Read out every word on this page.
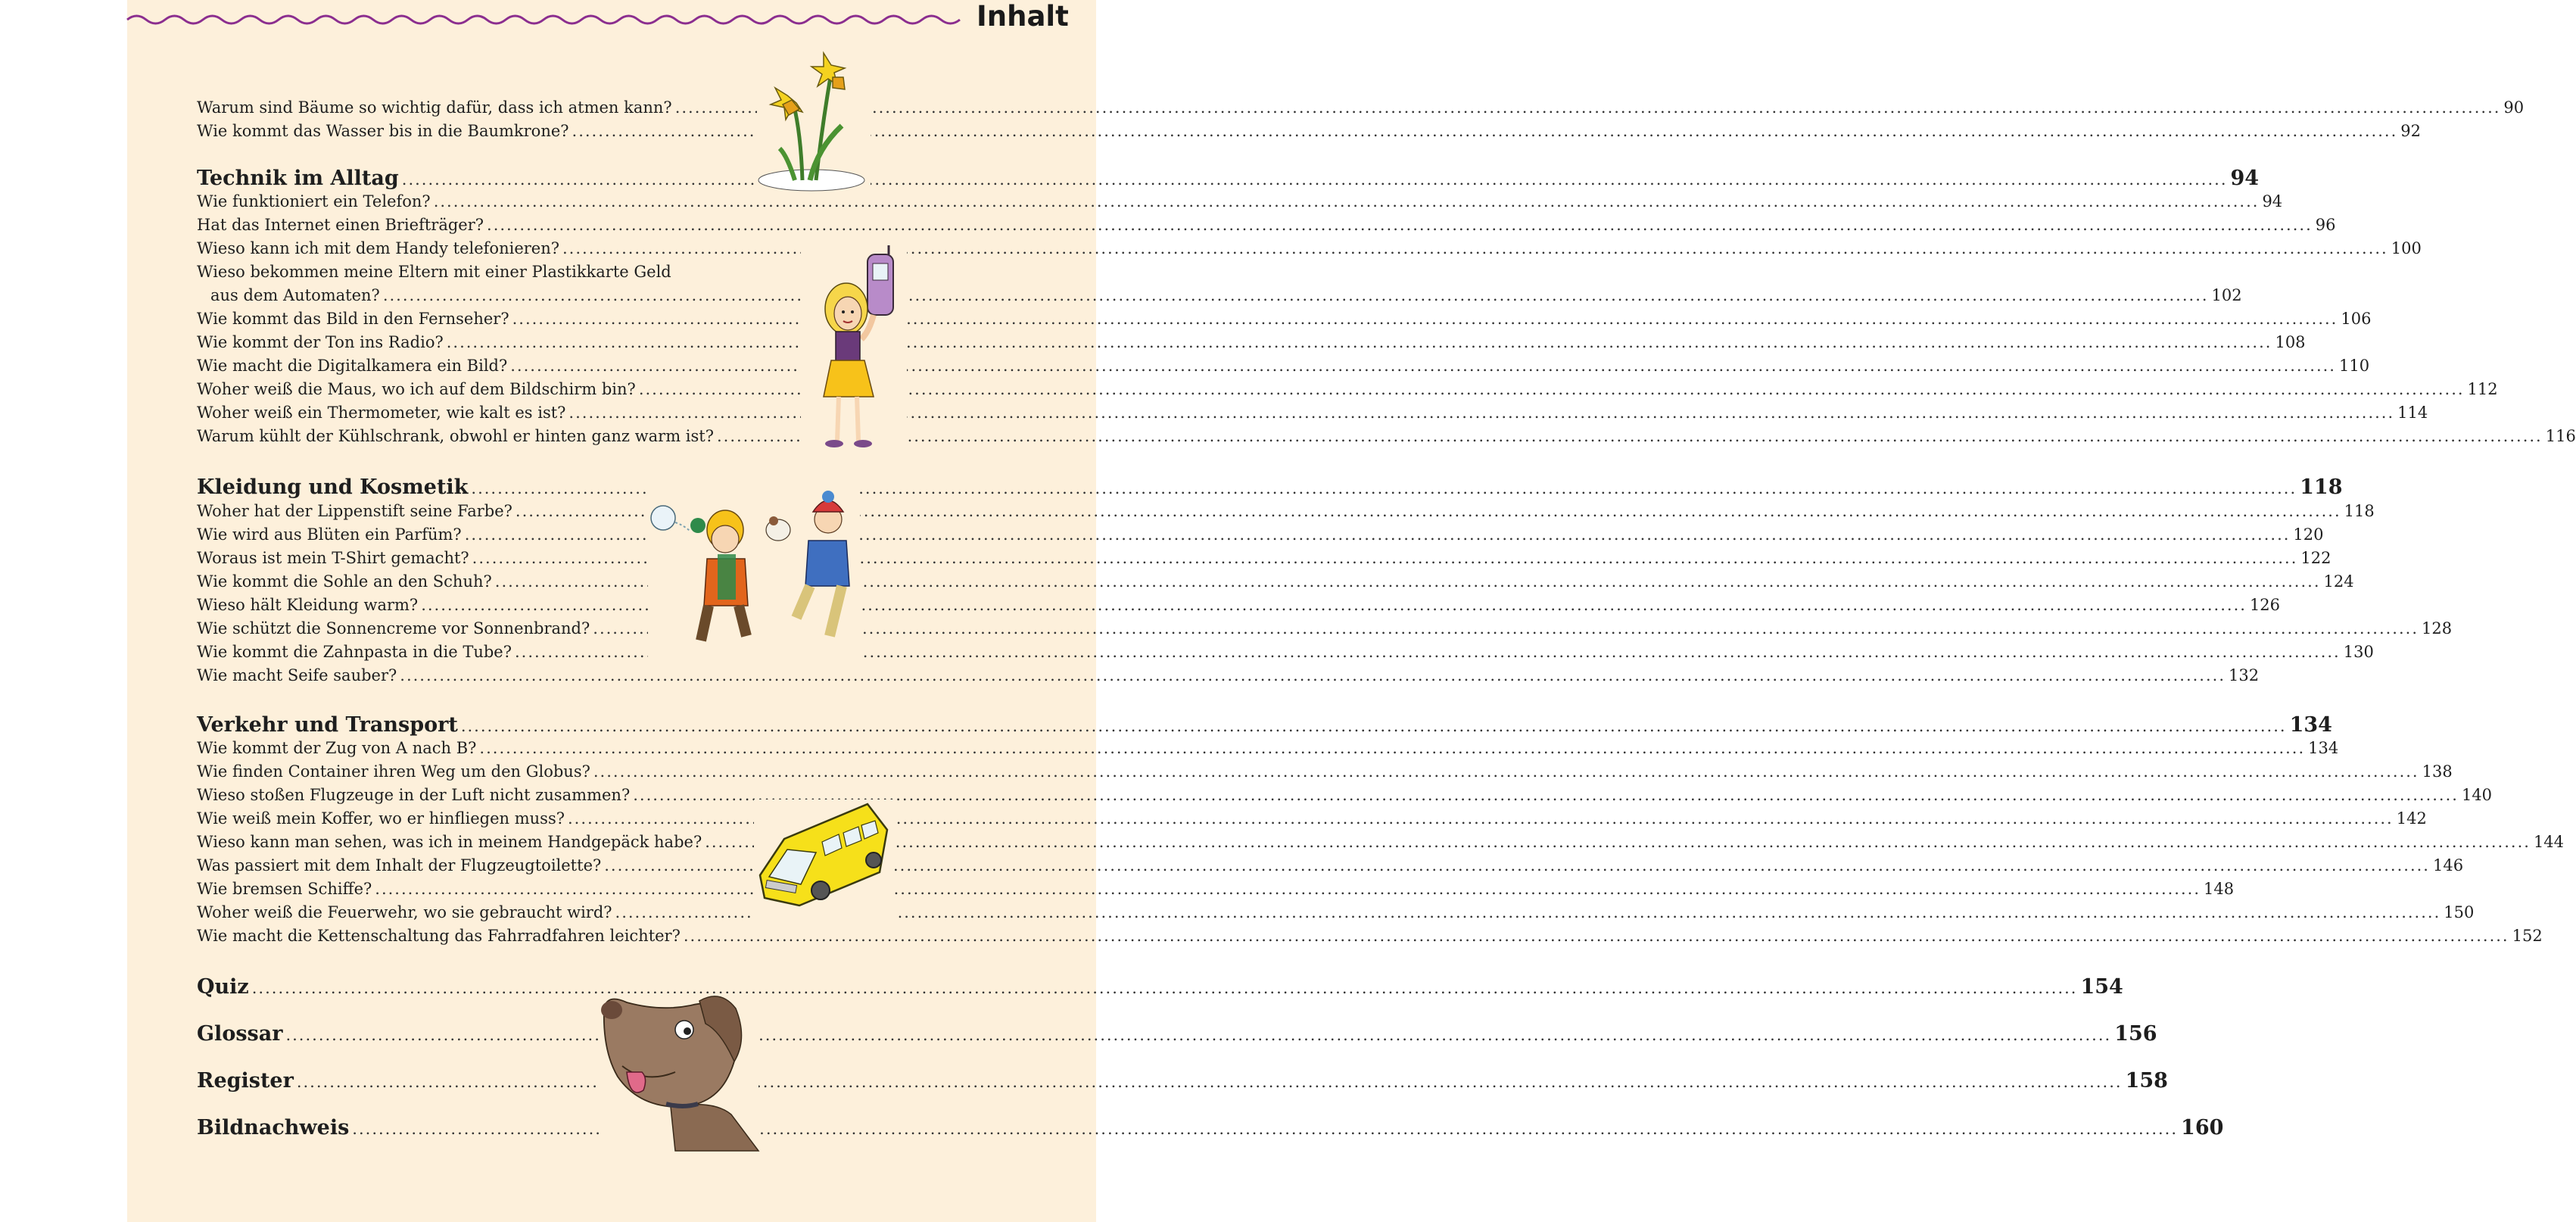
Inhalt
Warum sind Bäume so wichtig dafür, dass ich atmen kann? .....	90
Wie kommt das Wasser bis in die Baumkrone? .....	92
Technik im Alltag .....	94
Wie funktioniert ein Telefon? .....	94
Hat das Internet einen Briefträger? .....	96
Wieso kann ich mit dem Handy telefonieren? .....	100
Wieso bekommen meine Eltern mit einer Plastikkarte Geld
aus dem Automaten? .....	102
Wie kommt das Bild in den Fernseher? .....	106
Wie kommt der Ton ins Radio? .....	108
Wie macht die Digitalkamera ein Bild? .....	110
Woher weiß die Maus, wo ich auf dem Bildschirm bin? .....	112
Woher weiß ein Thermometer, wie kalt es ist? .....	114
Warum kühlt der Kühlschrank, obwohl er hinten ganz warm ist? .....	116
Kleidung und Kosmetik .....	118
Woher hat der Lippenstift seine Farbe? .....	118
Wie wird aus Blüten ein Parfüm? .....	120
Woraus ist mein T-Shirt gemacht? .....	122
Wie kommt die Sohle an den Schuh? .....	124
Wieso hält Kleidung warm? .....	126
Wie schützt die Sonnencreme vor Sonnenbrand? .....	128
Wie kommt die Zahnpasta in die Tube? .....	130
Wie macht Seife sauber? .....	132
Verkehr und Transport .....	134
Wie kommt der Zug von A nach B? .....	134
Wie finden Container ihren Weg um den Globus? .....	138
Wieso stoßen Flugzeuge in der Luft nicht zusammen? .....	140
Wie weiß mein Koffer, wo er hinfliegen muss? .....	142
Wieso kann man sehen, was ich in meinem Handgepäck habe? .....	144
Was passiert mit dem Inhalt der Flugzeugtoilette? .....	146
Wie bremsen Schiffe? .....	148
Woher weiß die Feuerwehr, wo sie gebraucht wird? .....	150
Wie macht die Kettenschaltung das Fahrradfahren leichter? .....	152
Quiz .....	154
Glossar .....	156
Register .....	158
Bildnachweis .....	160
